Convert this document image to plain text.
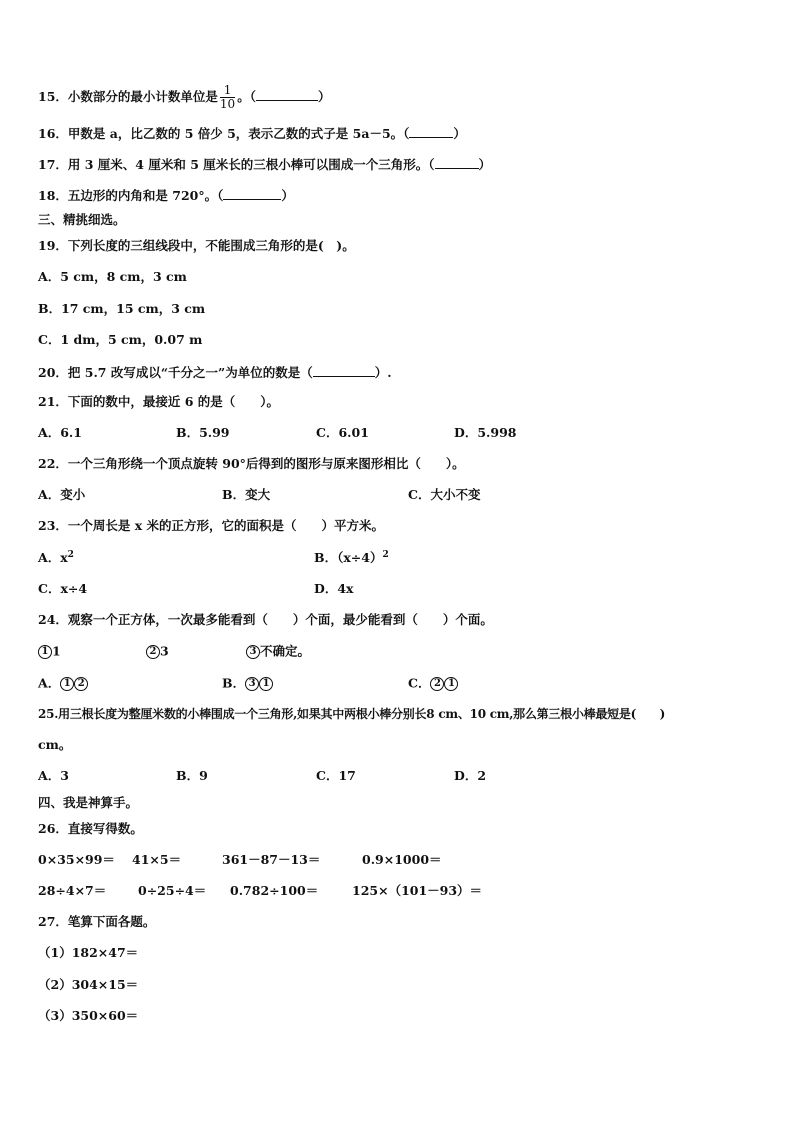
15．小数部分的最小计数单位是 $\frac{1}{10}$ 。（	）
16．甲数是 a，比乙数的 5 倍少 5，表示乙数的式子是 5a－5。（	）
17．用 3 厘米、4 厘米和 5 厘米长的三根小棒可以围成一个三角形。（	）
18．五边形的内角和是 720°。（	）
三、精挑细选。
19．下列长度的三组线段中，不能围成三角形的是(　)。
A．5 cm，8 cm，3 cm
B．17 cm，15 cm，3 cm
C．1 dm，5 cm，0.07 m
20．把 5.7 改写成以“千分之一”为单位的数是（	）.
21．下面的数中，最接近 6 的是（　　）。
A．6.1	B．5.99	C．6.01	D．5.998
22．一个三角形绕一个顶点旋转 90°后得到的图形与原来图形相比（　　）。
A．变小	B．变大	C．大小不变
23．一个周长是 x 米的正方形，它的面积是（　　）平方米。
A．$x^2$	B．$(x\div 4)^2$
C．x÷4	D．4x
24．观察一个正方体，一次最多能看到（　　）个面，最少能看到（　　）个面。
1 1	2 3	3 不确定。
A． 1 2	B． 3 1	C． 2 1
25.用三根长度为整厘米数的小棒围成一个三角形,如果其中两根小棒分别长8 cm、10 cm,那么第三根小棒最短是(　　)
cm。
A．3	B．9	C．17	D．2
四、我是神算手。
26．直接写得数。
0×35×99＝ 41×5＝	361－87－13＝	0.9×1000＝
28÷4×7＝	0÷25÷4＝ 0.782÷100＝	125×（101－93）＝
27．笔算下面各题。
（1）182×47＝
（2）304×15＝
（3）350×60＝
